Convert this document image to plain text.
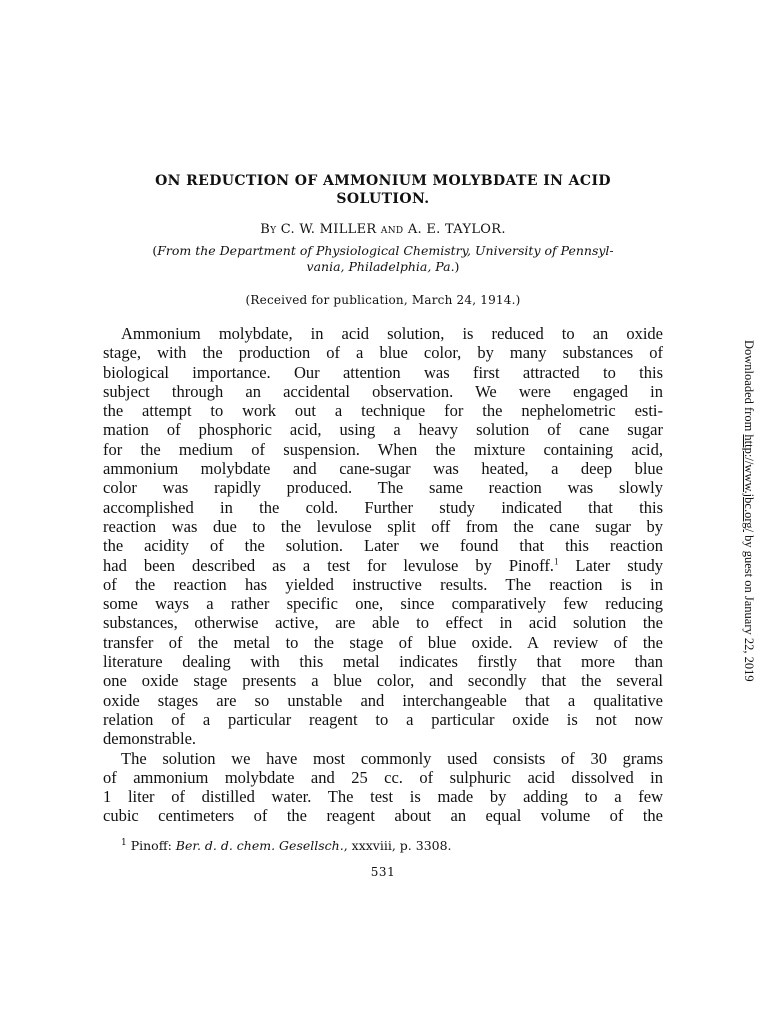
ON REDUCTION OF AMMONIUM MOLYBDATE IN ACID
SOLUTION.
By C. W. MILLER and A. E. TAYLOR.
(From the Department of Physiological Chemistry, University of Pennsyl-
vania, Philadelphia, Pa.)
(Received for publication, March 24, 1914.)
Ammonium molybdate, in acid solution, is reduced to an oxide
stage, with the production of a blue color, by many substances of
biological importance. Our attention was first attracted to this
subject through an accidental observation. We were engaged in
the attempt to work out a technique for the nephelometric esti-
mation of phosphoric acid, using a heavy solution of cane sugar
for the medium of suspension. When the mixture containing acid,
ammonium molybdate and cane-sugar was heated, a deep blue
color was rapidly produced. The same reaction was slowly
accomplished in the cold. Further study indicated that this
reaction was due to the levulose split off from the cane sugar by
the acidity of the solution. Later we found that this reaction
had been described as a test for levulose by Pinoff.$^1$ Later study
of the reaction has yielded instructive results. The reaction is in
some ways a rather specific one, since comparatively few reducing
substances, otherwise active, are able to effect in acid solution the
transfer of the metal to the stage of blue oxide. A review of the
literature dealing with this metal indicates firstly that more than
one oxide stage presents a blue color, and secondly that the several
oxide stages are so unstable and interchangeable that a qualitative
relation of a particular reagent to a particular oxide is not now
demonstrable.
The solution we have most commonly used consists of 30 grams
of ammonium molybdate and 25 cc. of sulphuric acid dissolved in
1 liter of distilled water. The test is made by adding to a few
cubic centimeters of the reagent about an equal volume of the
$^1$ Pinoff: Ber. d. d. chem. Gesellsch., xxxviii, p. 3308.
531
Downloaded from http://www.jbc.org/ by guest on January 22, 2019
